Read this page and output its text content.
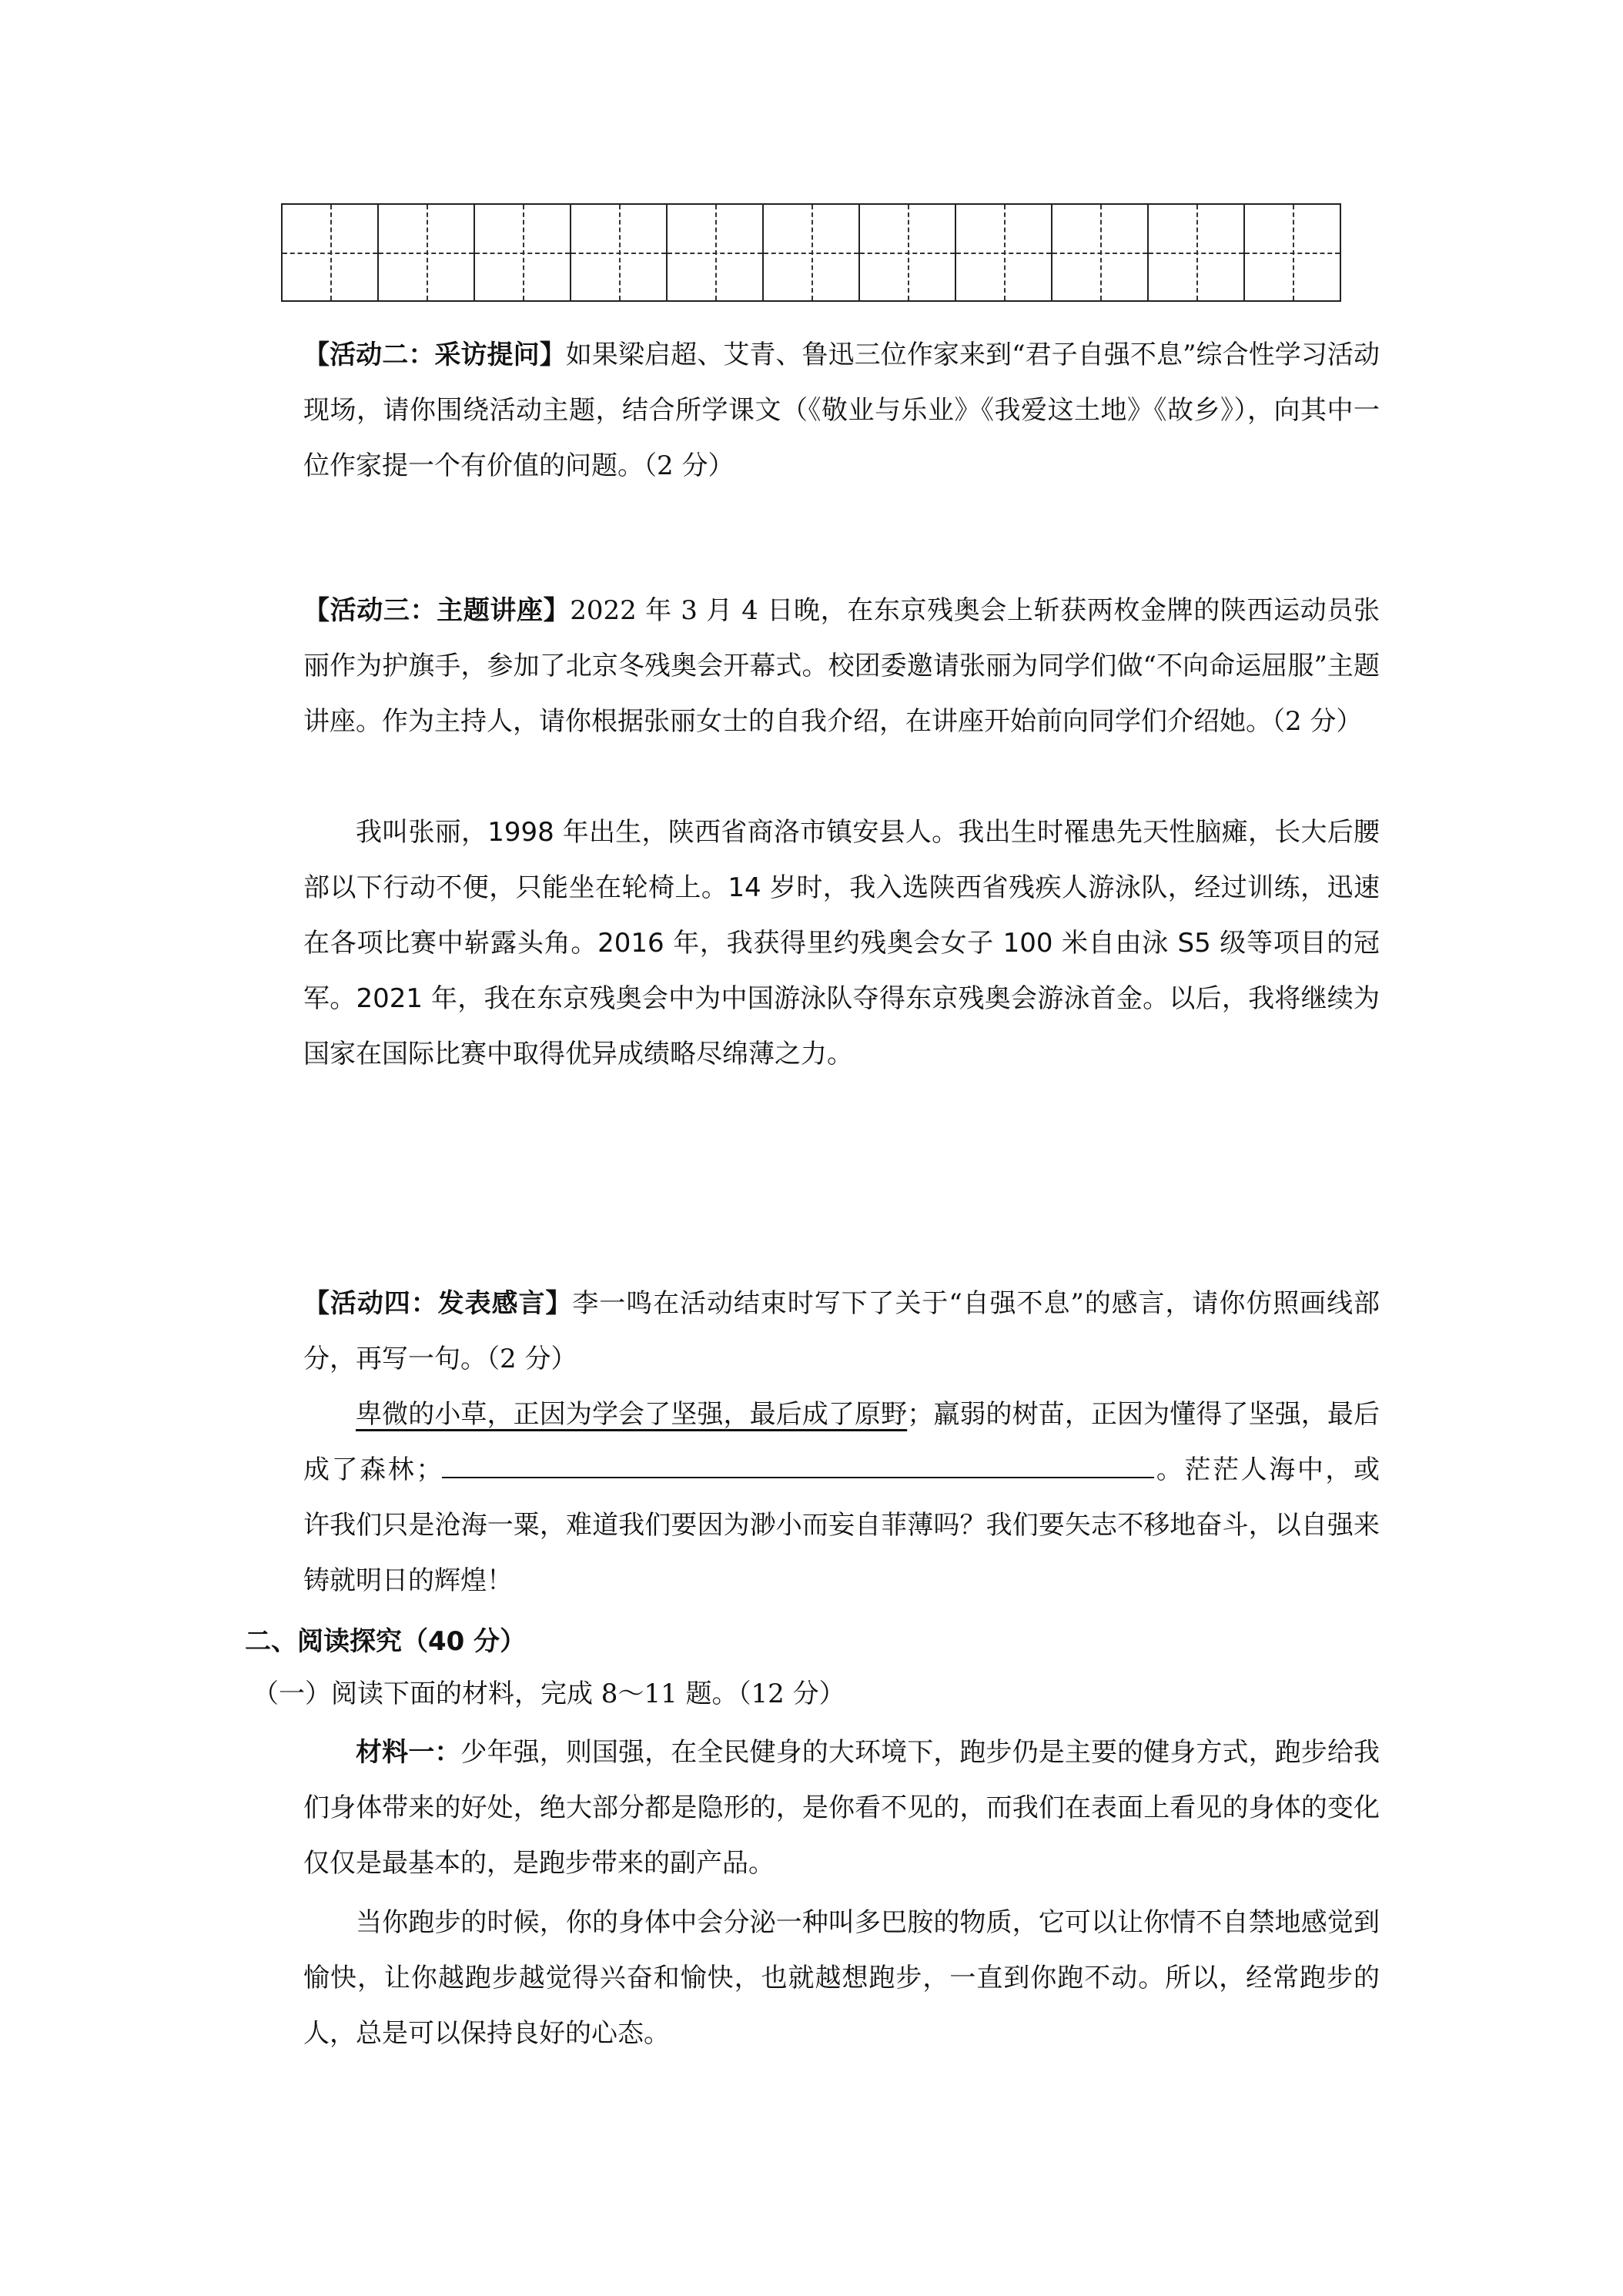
【活动二：采访提问】如果梁启超、艾青、鲁迅三位作家来到“君子自强不息”综合性学习活动现场，请你围绕活动主题，结合所学课文（《敬业与乐业》《我爱这土地》《故乡》），向其中一位作家提一个有价值的问题。（2 分）

【活动三：主题讲座】2022 年 3 月 4 日晚，在东京残奥会上斩获两枚金牌的陕西运动员张丽作为护旗手，参加了北京冬残奥会开幕式。校团委邀请张丽为同学们做“不向命运屈服”主题讲座。作为主持人，请你根据张丽女士的自我介绍，在讲座开始前向同学们介绍她。（2 分）

我叫张丽，1998 年出生，陕西省商洛市镇安县人。我出生时罹患先天性脑瘫，长大后腰部以下行动不便，只能坐在轮椅上。14 岁时，我入选陕西省残疾人游泳队，经过训练，迅速在各项比赛中崭露头角。2016 年，我获得里约残奥会女子 100 米自由泳 S5 级等项目的冠军。2021 年，我在东京残奥会中为中国游泳队夺得东京残奥会游泳首金。以后，我将继续为国家在国际比赛中取得优异成绩略尽绵薄之力。

【活动四：发表感言】李一鸣在活动结束时写下了关于“自强不息”的感言，请你仿照画线部分，再写一句。（2 分）

卑微的小草，正因为学会了坚强，最后成了原野；羸弱的树苗，正因为懂得了坚强，最后成了森林；	。茫茫人海中，或许我们只是沧海一粟，难道我们要因为渺小而妄自菲薄吗？我们要矢志不移地奋斗，以自强来铸就明日的辉煌！

二、阅读探究（40 分）

（一）阅读下面的材料，完成 8～11 题。（12 分）

材料一：少年强，则国强，在全民健身的大环境下，跑步仍是主要的健身方式，跑步给我们身体带来的好处，绝大部分都是隐形的，是你看不见的，而我们在表面上看见的身体的变化仅仅是最基本的，是跑步带来的副产品。

当你跑步的时候，你的身体中会分泌一种叫多巴胺的物质，它可以让你情不自禁地感觉到愉快，让你越跑步越觉得兴奋和愉快，也就越想跑步，一直到你跑不动。所以，经常跑步的人，总是可以保持良好的心态。
